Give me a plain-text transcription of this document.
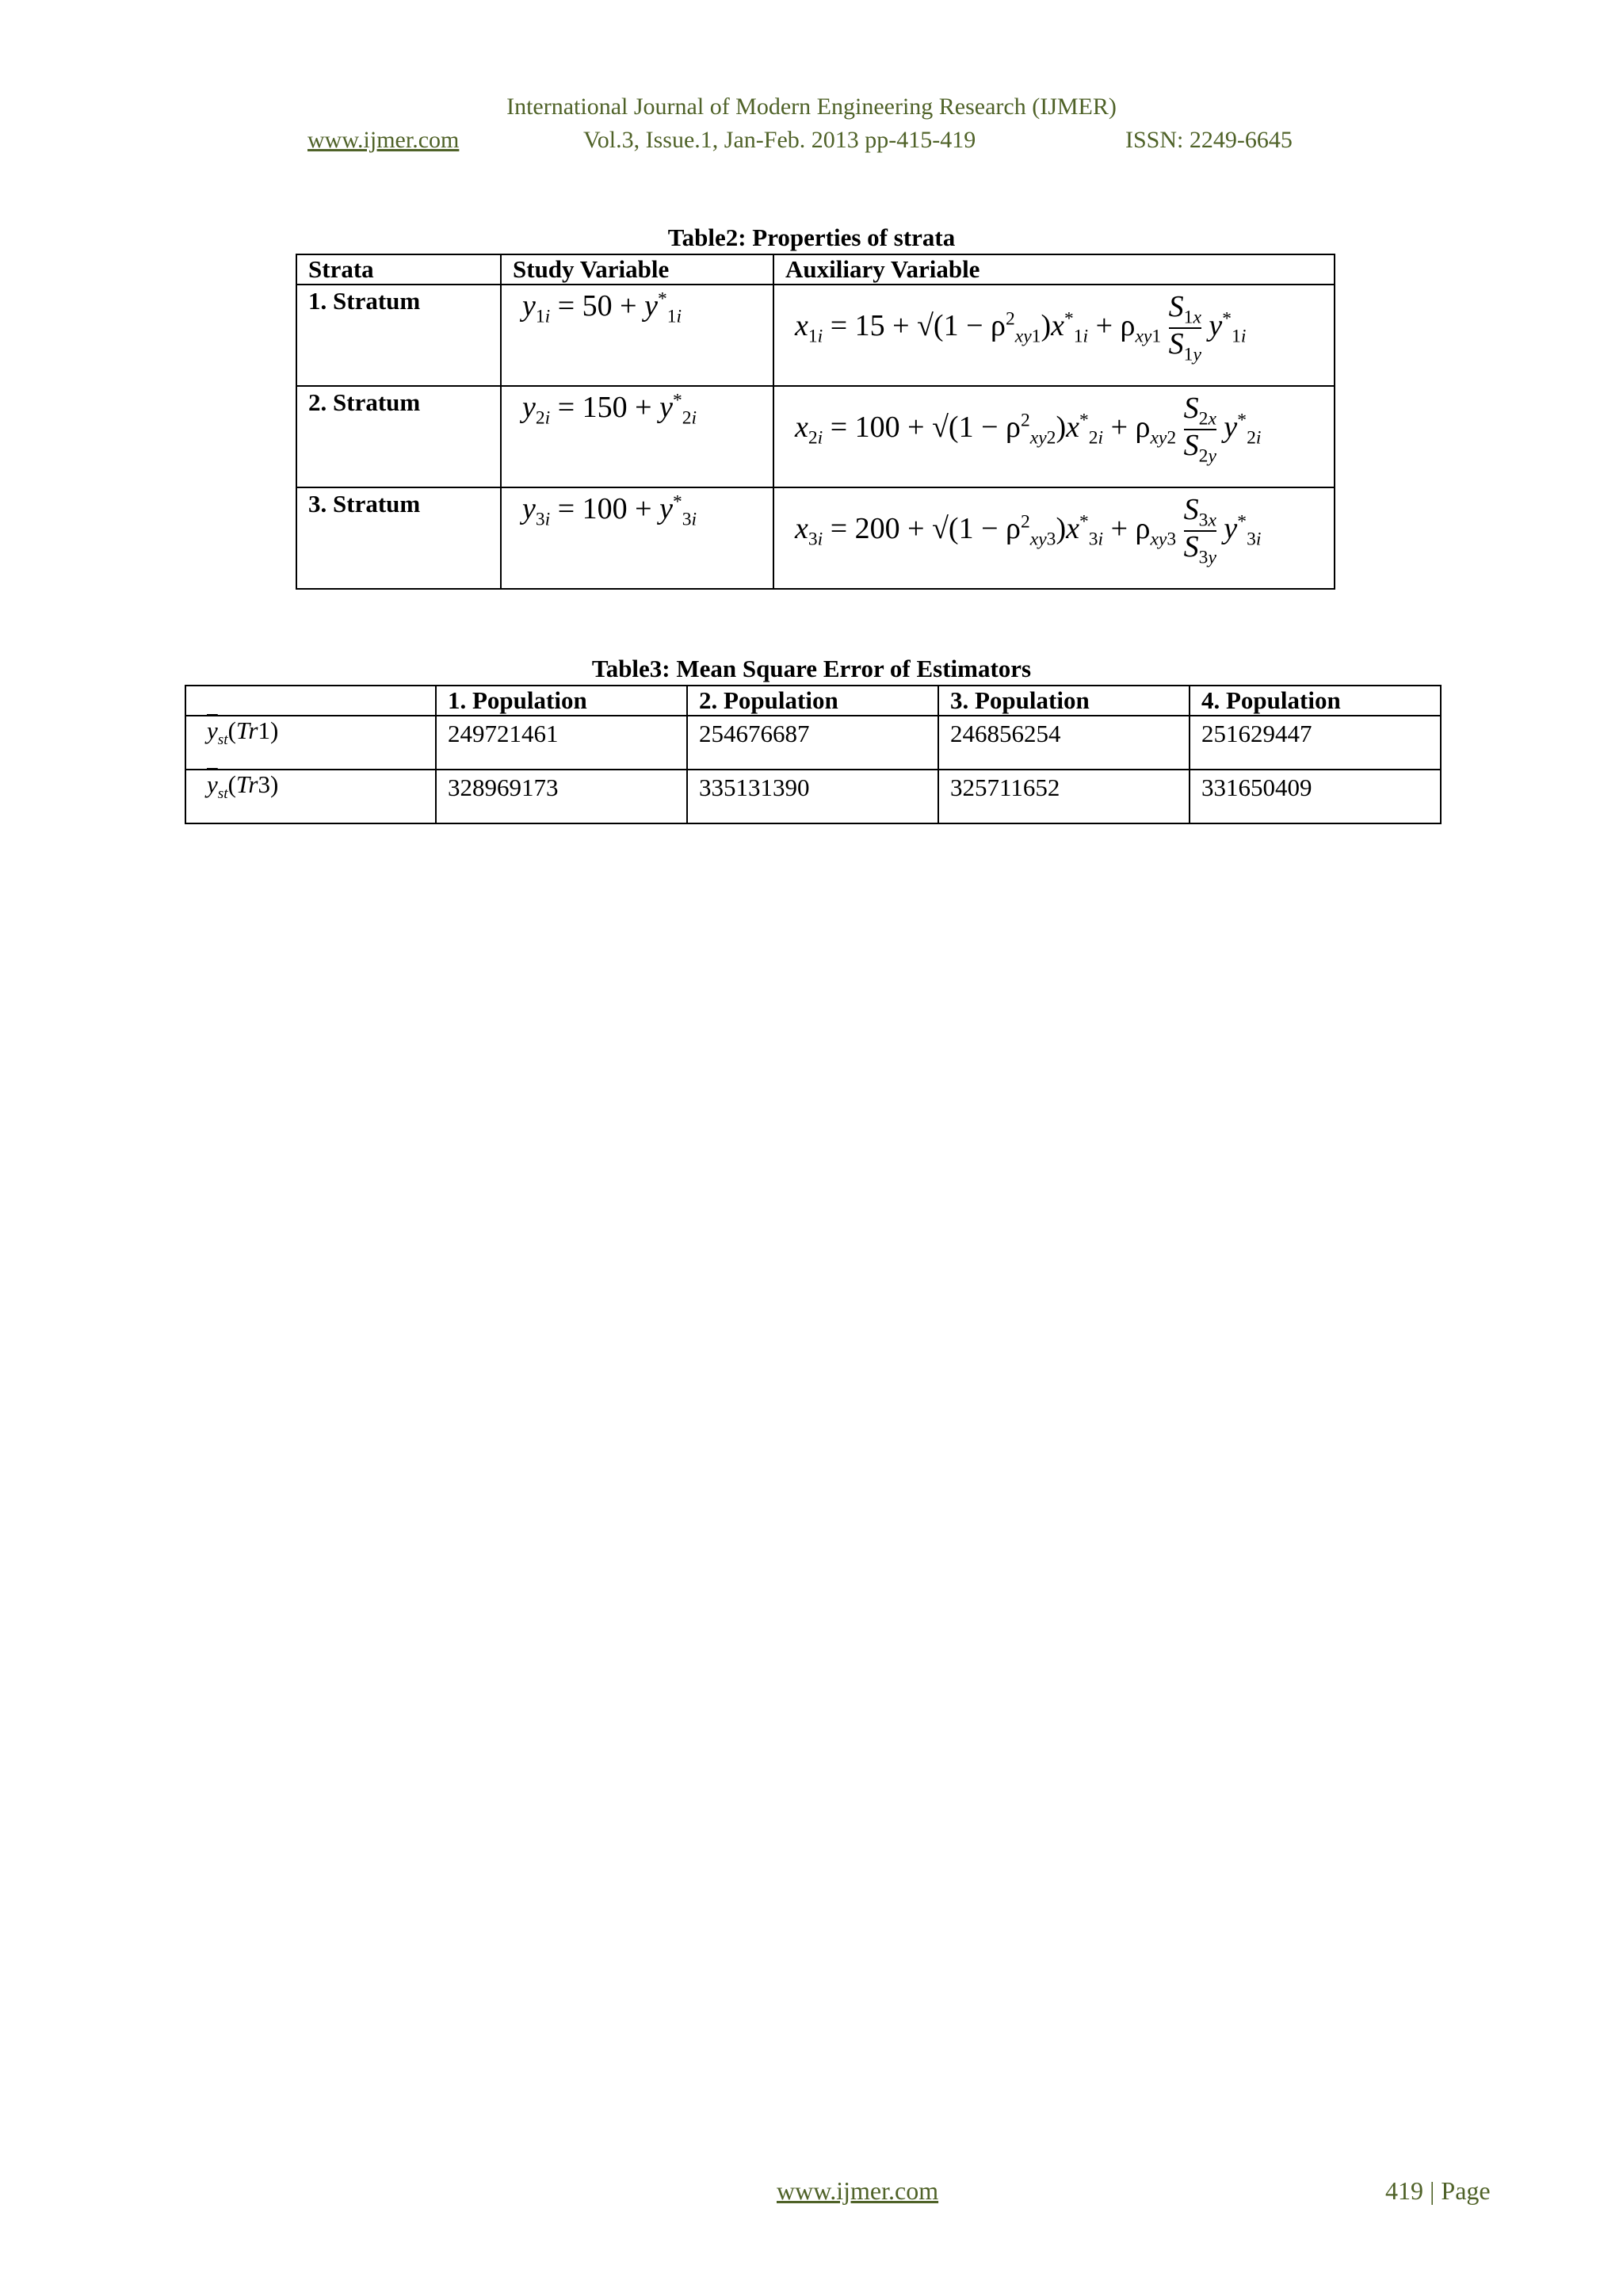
International Journal of Modern Engineering Research (IJMER)
www.ijmer.com	Vol.3, Issue.1, Jan-Feb. 2013 pp-415-419	ISSN: 2249-6645
Table2: Properties of strata
Strata	Study Variable	Auxiliary Variable
1. Stratum	$y_{1i} = 50 + y^*_{1i}$	$x_{1i} = 15 + √(1 - \rho^2_{xy1})x^*_{1i} + \rho_{xy1} \frac{S_{1x}}{S_{1y}} y^*_{1i}$

2. Stratum	$y_{2i} = 150 + y^*_{2i}$	$x_{2i} = 100 + √(1 - \rho^2_{xy2})x^*_{2i} + \rho_{xy2} \frac{S_{2x}}{S_{2y}} y^*_{2i}$

3. Stratum	$y_{3i} = 100 + y^*_{3i}$	$x_{3i} = 200 + √(1 - \rho^2_{xy3})x^*_{3i} + \rho_{xy3} \frac{S_{3x}}{S_{3y}} y^*_{3i}$
Table3: Mean Square Error of Estimators
	1. Population	2. Population	3. Population	4. Population
$\overline{y}_{st}(Tr1)$	249721461	254676687	246856254	251629447
$\overline{y}_{st}(Tr3)$	328969173	335131390	325711652	331650409
www.ijmer.com	419 | Page
